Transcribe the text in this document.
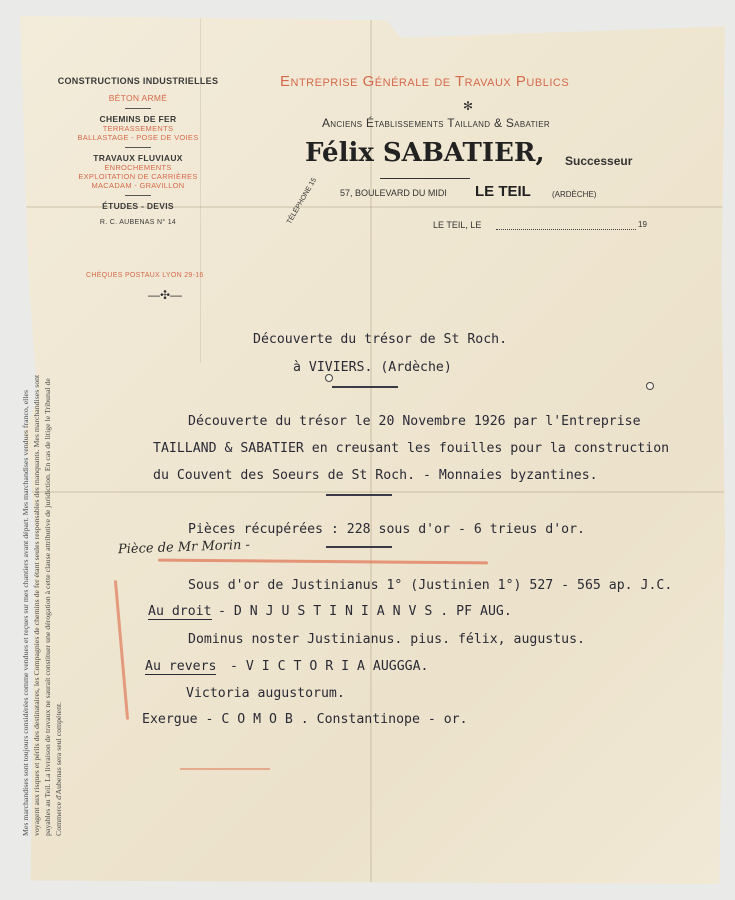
CONSTRUCTIONS INDUSTRIELLES
BÉTON ARMÉ
CHEMINS DE FER
TERRASSEMENTS
BALLASTAGE - POSE DE VOIES
TRAVAUX FLUVIAUX
ENROCHEMENTS
EXPLOITATION DE CARRIÈRES
MACADAM - GRAVILLON
ÉTUDES - DEVIS
R. C. AUBENAS N° 14
CHÈQUES POSTAUX LYON 29-16
—✣—
Entreprise Générale de Travaux Publics
✻
Anciens Établissements Tailland & Sabatier
Félix SABATIER, Successeur
57, BOULEVARD DU MIDI LE TEIL	(ARDÈCHE)
TÉLÉPHONE 15	LE TEIL, LE	19
Découverte du trésor de St Roch.
à VIVIERS. (Ardèche)
Découverte du trésor le 20 Novembre 1926 par l'Entreprise
TAILLAND & SABATIER en creusant les fouilles pour la construction
du Couvent des Soeurs de St Roch. - Monnaies byzantines.
Pièces récupérées : 228 sous d'or - 6 trieus d'or.
Pièce de Mr Morin -
Sous d'or de Justinianus 1° (Justinien 1°) 527 - 565 ap. J.C.
Au droit - D N J U S T I N I A N V S . PF AUG.
Dominus noster Justinianus. pius. félix, augustus.
Au revers - V I C T O R I A AUGGGA.
Victoria augustorum.
Exergue - C O M O B . Constantinope - or.
Mes marchandises sont toujours considérées comme vendues et reçues sur mes chantiers avant départ. Mes marchandises vendues franco, elles voyagent aux risques et périls des destinataires, les Compagnies de chemins de fer étant seules responsables des manquants. Mes marchandises sont payables au Teil. La livraison de travaux ne saurait constituer une dérogation à cette clause attributive de juridiction. En cas de litige le Tribunal de Commerce d'Aubenas sera seul compétent.
